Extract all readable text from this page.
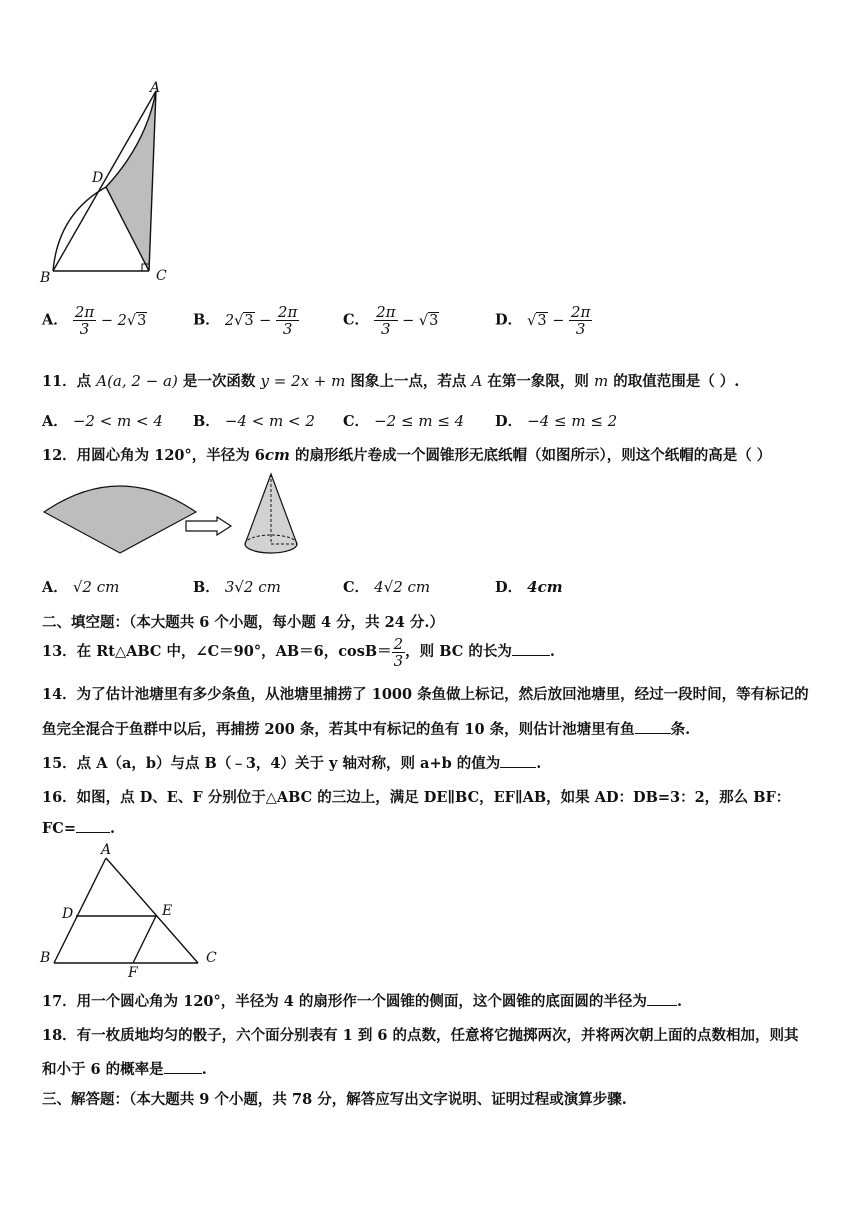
A
D
B	C
A． $\frac{2\pi}{3} - 2√3$	B． $2√3 - \frac{2\pi}{3}$	C． $\frac{2\pi}{3} - √3$	D． $√3 - \frac{2\pi}{3}$
11．点 A(a, 2 − a) 是一次函数 y = 2x + m 图象上一点，若点 A 在第一象限，则 m 的取值范围是（ ）.
A． −2 < m < 4 B． −4 < m < 2 C． −2 ≤ m ≤ 4 D． −4 ≤ m ≤ 2
12．用圆心角为 120°，半径为 6cm 的扇形纸片卷成一个圆锥形无底纸帽（如图所示），则这个纸帽的高是（ ）
A． √2 cm	B． 3√2 cm	C． 4√2 cm	D． 4cm
二、填空题：（本大题共 6 个小题，每小题 4 分，共 24 分.）
13．在 Rt△ABC 中，∠C＝90°，AB＝6，$\cos B= \frac{2}{3}$ ，则 BC 的长为	.
14．为了估计池塘里有多少条鱼，从池塘里捕捞了 1000 条鱼做上标记，然后放回池塘里，经过一段时间，等有标记的
鱼完全混合于鱼群中以后，再捕捞 200 条，若其中有标记的鱼有 10 条，则估计池塘里有鱼 条.
15．点 A（a，b）与点 B（﹣3，4）关于 y 轴对称，则 a+b 的值为 .
16．如图，点 D、E、F 分别位于△ABC 的三边上，满足 DE∥BC，EF∥AB，如果 AD：DB=3：2，那么 BF：
FC= .
A
D	E
B
F
C
17．用一个圆心角为 120°，半径为 4 的扇形作一个圆锥的侧面，这个圆锥的底面圆的半径为 .
18．有一枚质地均匀的骰子，六个面分别表有 1 到 6 的点数，任意将它抛掷两次，并将两次朝上面的点数相加，则其
和小于 6 的概率是	.
三、解答题：（本大题共 9 个小题，共 78 分，解答应写出文字说明、证明过程或演算步骤.
